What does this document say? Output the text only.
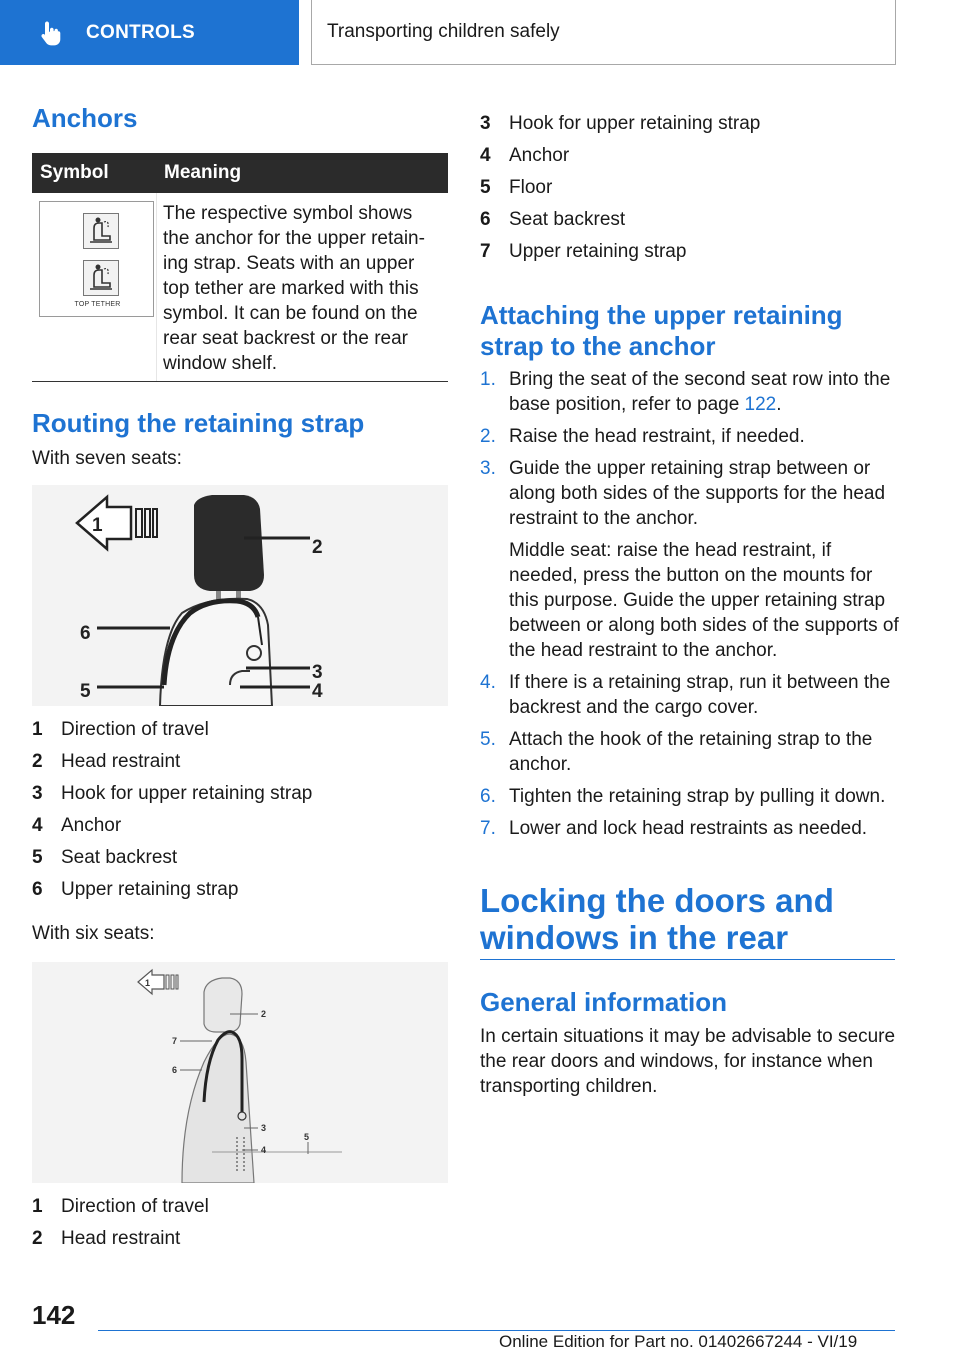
CONTROLS	Transporting children safely
Anchors
Symbol	Meaning
TOP TETHER
The respective symbol shows the anchor for the upper retain-ing strap. Seats with an upper top tether are marked with this symbol. It can be found on the rear seat backrest or the rear window shelf.
Routing the retaining strap
With seven seats:
1
2
6
3
5	4
1 Direction of travel
2 Head restraint
3 Hook for upper retaining strap
4 Anchor
5 Seat backrest
6 Upper retaining strap
With six seats:
1
2
7
6
3
5
4
1 Direction of travel
2 Head restraint
3 Hook for upper retaining strap
4 Anchor
5 Floor
6 Seat backrest
7 Upper retaining strap
Attaching the upper retaining
strap to the anchor
1. Bring the seat of the second seat row into the base position, refer to page 122.
2. Raise the head restraint, if needed.
3. Guide the upper retaining strap between or along both sides of the supports for the head restraint to the anchor.

Middle seat: raise the head restraint, if needed, press the button on the mounts for this purpose. Guide the upper retaining strap between or along both sides of the supports of the head restraint to the anchor.

4. If there is a retaining strap, run it between the backrest and the cargo cover.
5. Attach the hook of the retaining strap to the anchor.
6. Tighten the retaining strap by pulling it down.
7. Lower and lock head restraints as needed.
Locking the doors and
windows in the rear
General information
In certain situations it may be advisable to secure the rear doors and windows, for instance when transporting children.
142
Online Edition for Part no. 01402667244 - VI/19
